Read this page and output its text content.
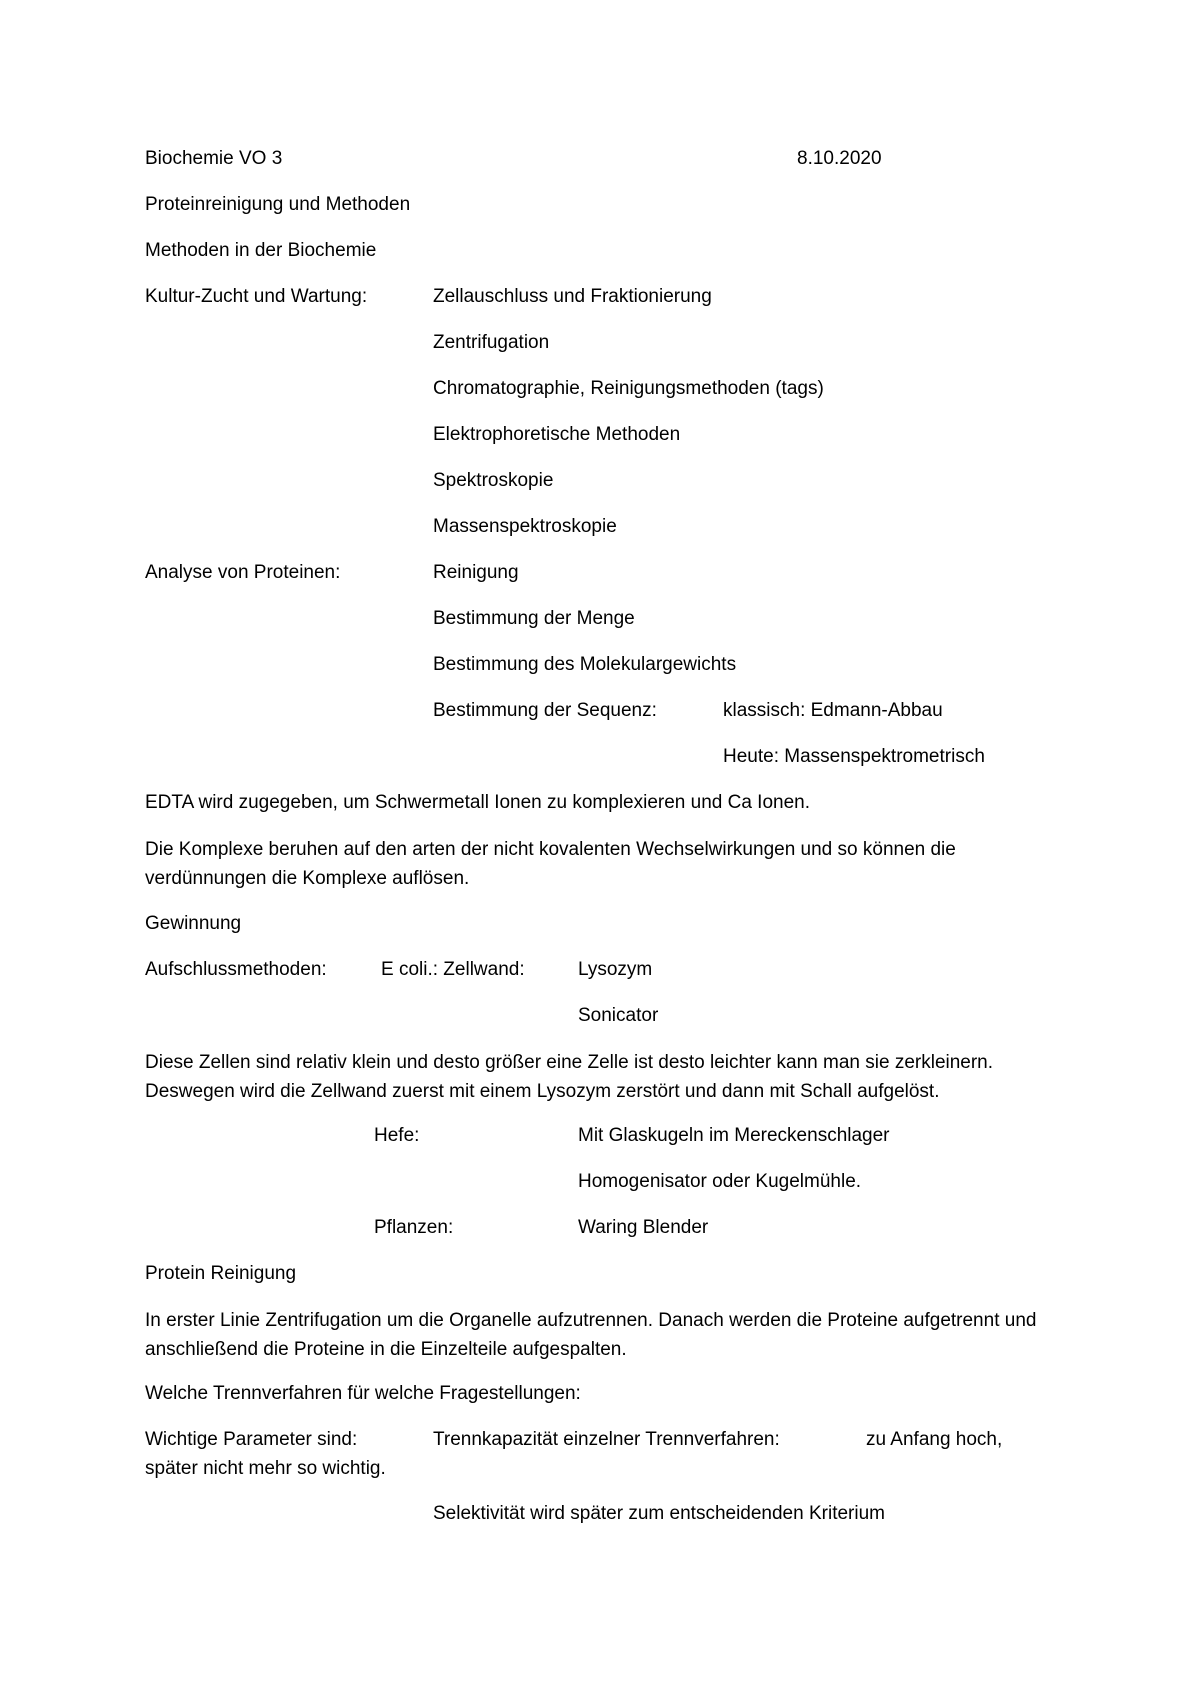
Biochemie VO 3	8.10.2020
Proteinreinigung und Methoden
Methoden in der Biochemie
Kultur-Zucht und Wartung:	Zellauschluss und Fraktionierung
Zentrifugation
Chromatographie, Reinigungsmethoden (tags)
Elektrophoretische Methoden
Spektroskopie
Massenspektroskopie
Analyse von Proteinen:	Reinigung
Bestimmung der Menge
Bestimmung des Molekulargewichts
Bestimmung der Sequenz:	klassisch: Edmann-Abbau
Heute: Massenspektrometrisch
EDTA wird zugegeben, um Schwermetall Ionen zu komplexieren und Ca Ionen.
Die Komplexe beruhen auf den arten der nicht kovalenten Wechselwirkungen und so können die verdünnungen die Komplexe auflösen.
Gewinnung
Aufschlussmethoden:	E coli.: Zellwand:	Lysozym
Sonicator
Diese Zellen sind relativ klein und desto größer eine Zelle ist desto leichter kann man sie zerkleinern. Deswegen wird die Zellwand zuerst mit einem Lysozym zerstört und dann mit Schall aufgelöst.
Hefe:	Mit Glaskugeln im Mereckenschlager
Homogenisator oder Kugelmühle.
Pflanzen:	Waring Blender
Protein Reinigung
In erster Linie Zentrifugation um die Organelle aufzutrennen. Danach werden die Proteine aufgetrennt und anschließend die Proteine in die Einzelteile aufgespalten.
Welche Trennverfahren für welche Fragestellungen:
Wichtige Parameter sind:	Trennkapazität einzelner Trennverfahren:	zu Anfang hoch,
später nicht mehr so wichtig.
Selektivität wird später zum entscheidenden Kriterium
